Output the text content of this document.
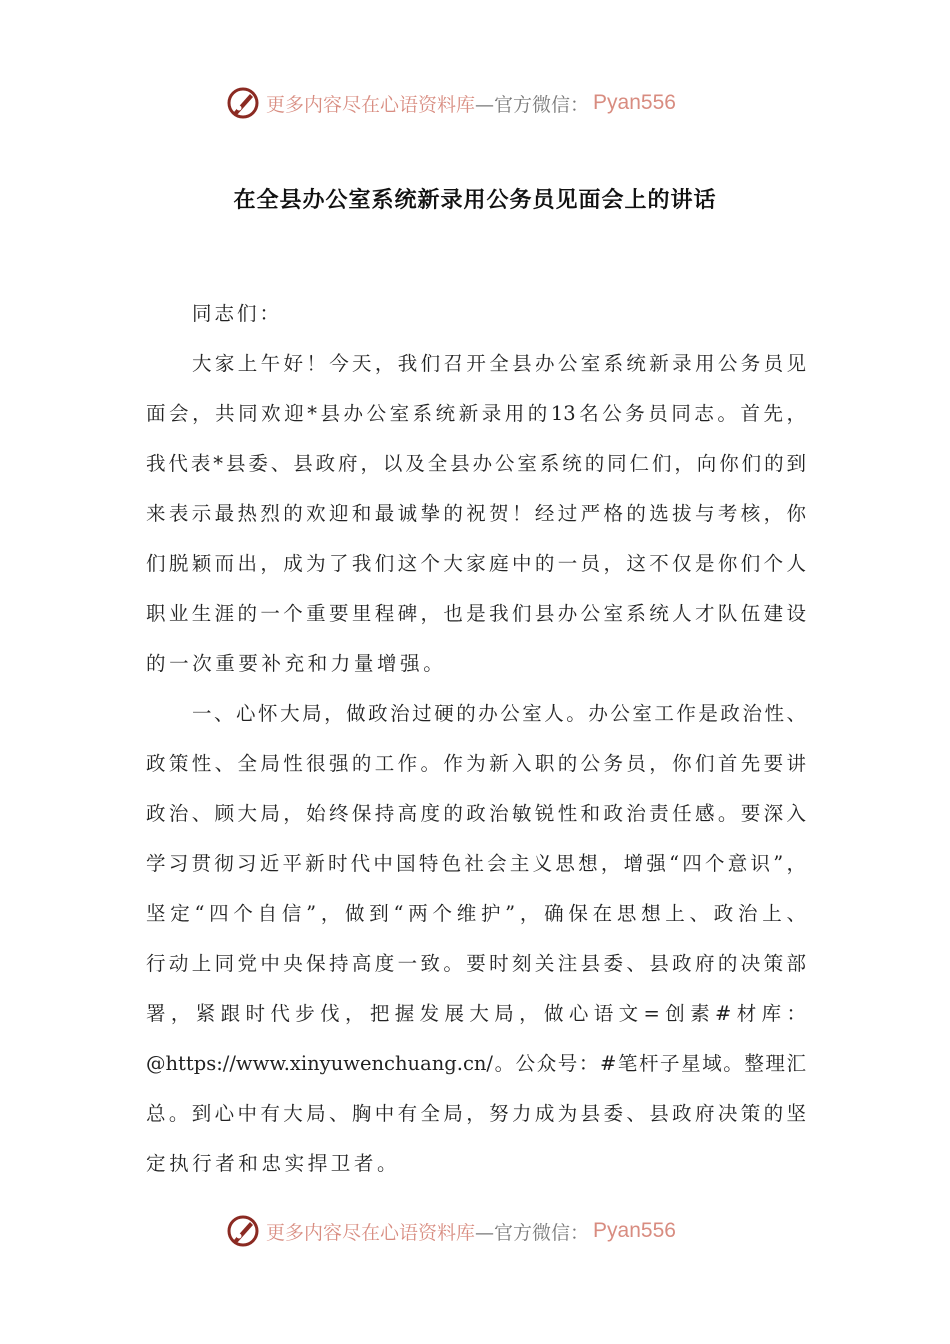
更多内容尽在心语资料库 —官方微信： Pyan556
在全县办公室系统新录用公务员见面会上的讲话
同志们：
大家上午好！今天，我们召开全县办公室系统新录用公务员见
面会，共同欢迎*县办公室系统新录用的13名公务员同志。首先，
我代表*县委、县政府，以及全县办公室系统的同仁们，向你们的到
来表示最热烈的欢迎和最诚挚的祝贺！经过严格的选拔与考核，你
们脱颖而出，成为了我们这个大家庭中的一员，这不仅是你们个人
职业生涯的一个重要里程碑，也是我们县办公室系统人才队伍建设
的一次重要补充和力量增强。
一、心怀大局，做政治过硬的办公室人。办公室工作是政治性、
政策性、全局性很强的工作。作为新入职的公务员，你们首先要讲
政治、顾大局，始终保持高度的政治敏锐性和政治责任感。要深入
学习贯彻习近平新时代中国特色社会主义思想，增强“四个意识”，
坚定“四个自信”，做到“两个维护”，确保在思想上、政治上、
行动上同党中央保持高度一致。要时刻关注县委、县政府的决策部
署，紧跟时代步伐，把握发展大局，做心语文=创素#材库：
@https://www.xinyuwenchuang.cn/。公众号：#笔杆子星域。整理汇
总。到心中有大局、胸中有全局，努力成为县委、县政府决策的坚
定执行者和忠实捍卫者。
更多内容尽在心语资料库 —官方微信： Pyan556
